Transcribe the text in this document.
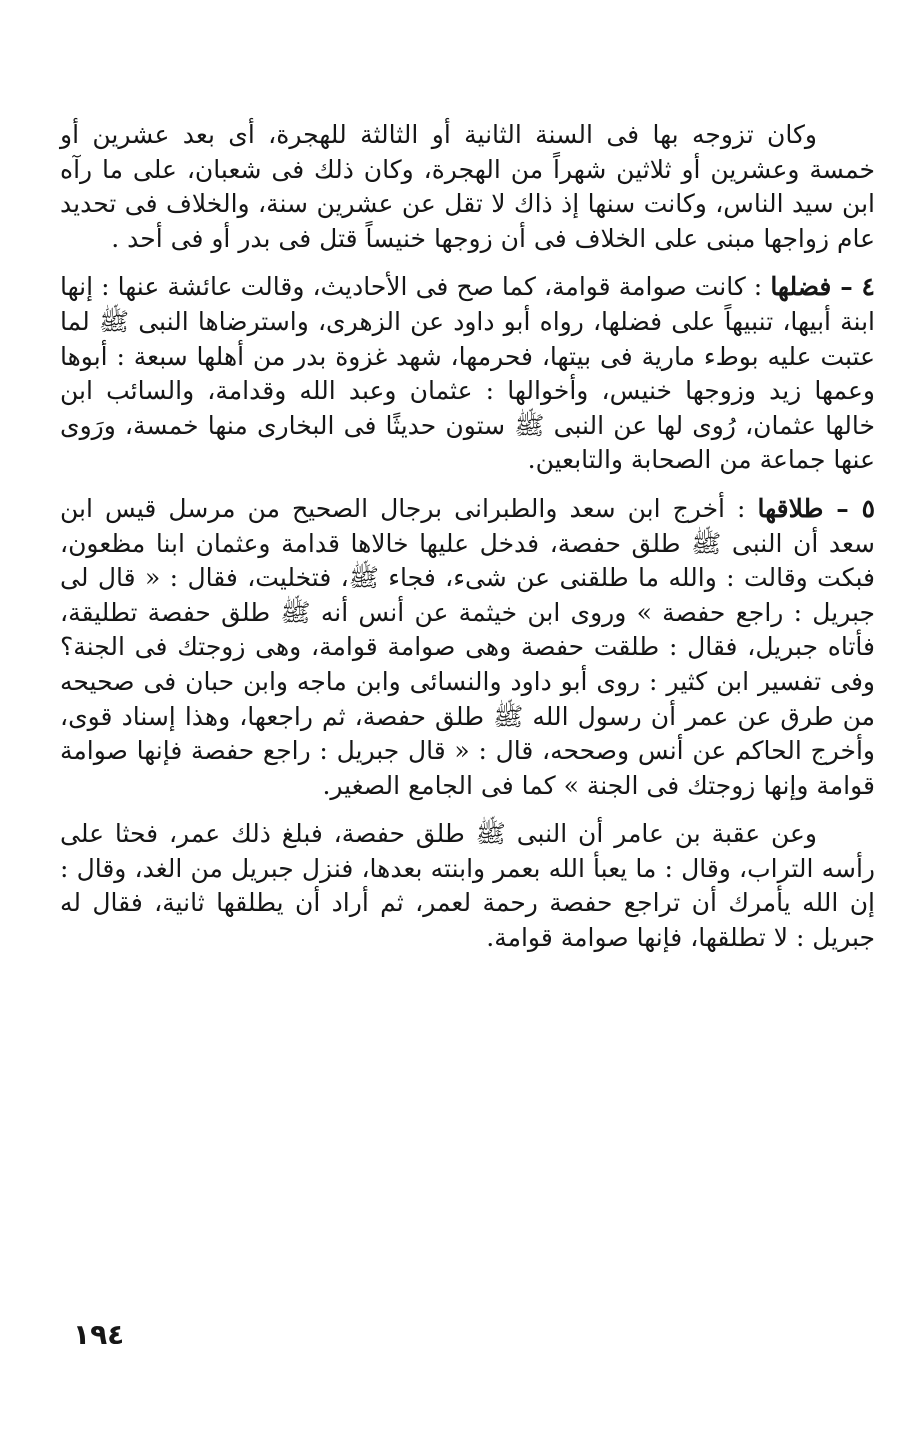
وكان تزوجه بها فى السنة الثانية أو الثالثة للهجرة، أى بعد عشرين أو خمسة وعشرين أو ثلاثين شهراً من الهجرة، وكان ذلك فى شعبان، على ما رآه ابن سيد الناس، وكانت سنها إذ ذاك لا تقل عن عشرين سنة، والخلاف فى تحديد عام زواجها مبنى على الخلاف فى أن زوجها خنيساً قتل فى بدر أو فى أحد .

٤ – فضلها : كانت صوامة قوامة، كما صح فى الأحاديث، وقالت عائشة عنها : إنها ابنة أبيها، تنبيهاً على فضلها، رواه أبو داود عن الزهرى، واسترضاها النبى ﷺ لما عتبت عليه بوطء مارية فى بيتها، فحرمها، شهد غزوة بدر من أهلها سبعة : أبوها وعمها زيد وزوجها خنيس، وأخوالها : عثمان وعبد الله وقدامة، والسائب ابن خالها عثمان، رُوى لها عن النبى ﷺ ستون حديثًا فى البخارى منها خمسة، ورَوى عنها جماعة من الصحابة والتابعين.

٥ – طلاقها : أخرج ابن سعد والطبرانى برجال الصحيح من مرسل قيس ابن سعد أن النبى ﷺ طلق حفصة، فدخل عليها خالاها قدامة وعثمان ابنا مظعون، فبكت وقالت : والله ما طلقنى عن شىء، فجاء ﷺ، فتخليت، فقال : « قال لى جبريل : راجع حفصة » وروى ابن خيثمة عن أنس أنه ﷺ طلق حفصة تطليقة، فأتاه جبريل، فقال : طلقت حفصة وهى صوامة قوامة، وهى زوجتك فى الجنة؟ وفى تفسير ابن كثير : روى أبو داود والنسائى وابن ماجه وابن حبان فى صحيحه من طرق عن عمر أن رسول الله ﷺ طلق حفصة، ثم راجعها، وهذا إسناد قوى، وأخرج الحاكم عن أنس وصححه، قال : « قال جبريل : راجع حفصة فإنها صوامة قوامة وإنها زوجتك فى الجنة » كما فى الجامع الصغير.

وعن عقبة بن عامر أن النبى ﷺ طلق حفصة، فبلغ ذلك عمر، فحثا على رأسه التراب، وقال : ما يعبأ الله بعمر وابنته بعدها، فنزل جبريل من الغد، وقال : إن الله يأمرك أن تراجع حفصة رحمة لعمر، ثم أراد أن يطلقها ثانية، فقال له جبريل : لا تطلقها، فإنها صوامة قوامة.

١٩٤
